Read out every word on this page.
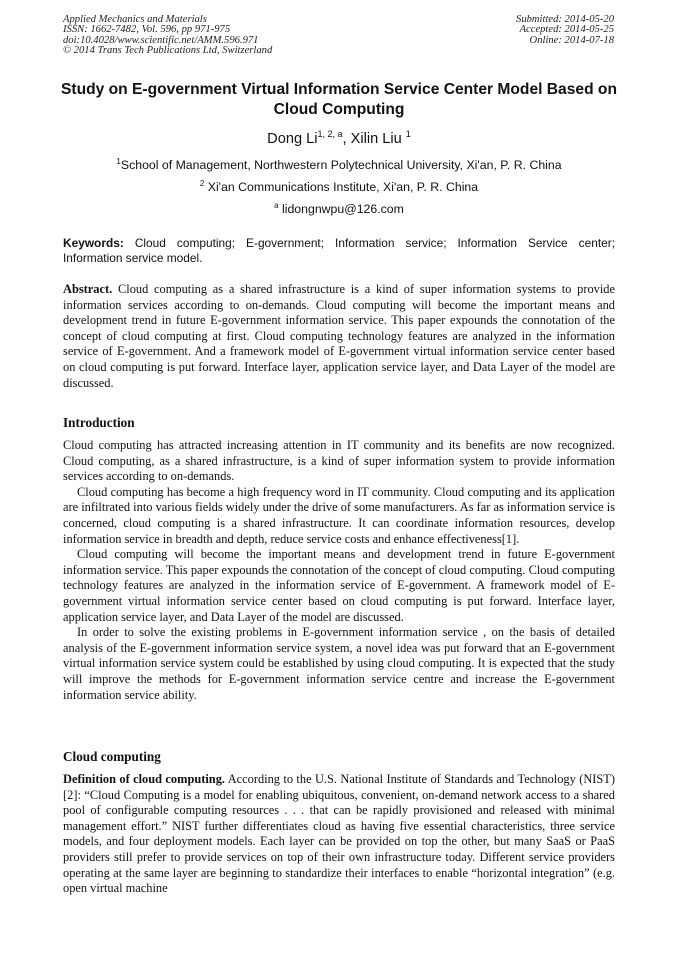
Applied Mechanics and Materials
ISSN: 1662-7482, Vol. 596, pp 971-975
doi:10.4028/www.scientific.net/AMM.596.971
© 2014 Trans Tech Publications Ltd, Switzerland
Submitted: 2014-05-20
Accepted: 2014-05-25
Online: 2014-07-18
Study on E-government Virtual Information Service Center Model Based on Cloud Computing
Dong Li$^{1, 2, a}$, Xilin Liu $^1$
$^1$School of Management, Northwestern Polytechnical University, Xi'an, P. R. China
$^2$ Xi'an Communications Institute, Xi'an, P. R. China
$^a$ lidongnwpu@126.com
Keywords: Cloud computing; E-government; Information service; Information Service center; Information service model.

Abstract. Cloud computing as a shared infrastructure is a kind of super information systems to provide information services according to on-demands. Cloud computing will become the important means and development trend in future E-government information service. This paper expounds the connotation of the concept of cloud computing at first. Cloud computing technology features are analyzed in the information service of E-government. And a framework model of E-government virtual information service center based on cloud computing is put forward. Interface layer, application service layer, and Data Layer of the model are discussed.

Introduction

Cloud computing has attracted increasing attention in IT community and its benefits are now recognized. Cloud computing, as a shared infrastructure, is a kind of super information system to provide information services according to on-demands.

Cloud computing has become a high frequency word in IT community. Cloud computing and its application are infiltrated into various fields widely under the drive of some manufacturers. As far as information service is concerned, cloud computing is a shared infrastructure. It can coordinate information resources, develop information service in breadth and depth, reduce service costs and enhance effectiveness[1].

Cloud computing will become the important means and development trend in future E-government information service. This paper expounds the connotation of the concept of cloud computing. Cloud computing technology features are analyzed in the information service of E-government. A framework model of E-government virtual information service center based on cloud computing is put forward. Interface layer, application service layer, and Data Layer of the model are discussed.

In order to solve the existing problems in E-government information service , on the basis of detailed analysis of the E-government information service system, a novel idea was put forward that an E-government virtual information service system could be established by using cloud computing. It is expected that the study will improve the methods for E-government information service centre and increase the E-government information service ability.

Cloud computing

Definition of cloud computing. According to the U.S. National Institute of Standards and Technology (NIST) [2]: “Cloud Computing is a model for enabling ubiquitous, convenient, on-demand network access to a shared pool of configurable computing resources . . . that can be rapidly provisioned and released with minimal management effort.” NIST further differentiates cloud as having five essential characteristics, three service models, and four deployment models. Each layer can be provided on top the other, but many SaaS or PaaS providers still prefer to provide services on top of their own infrastructure today. Different service providers operating at the same layer are beginning to standardize their interfaces to enable “horizontal integration” (e.g. open virtual machine
